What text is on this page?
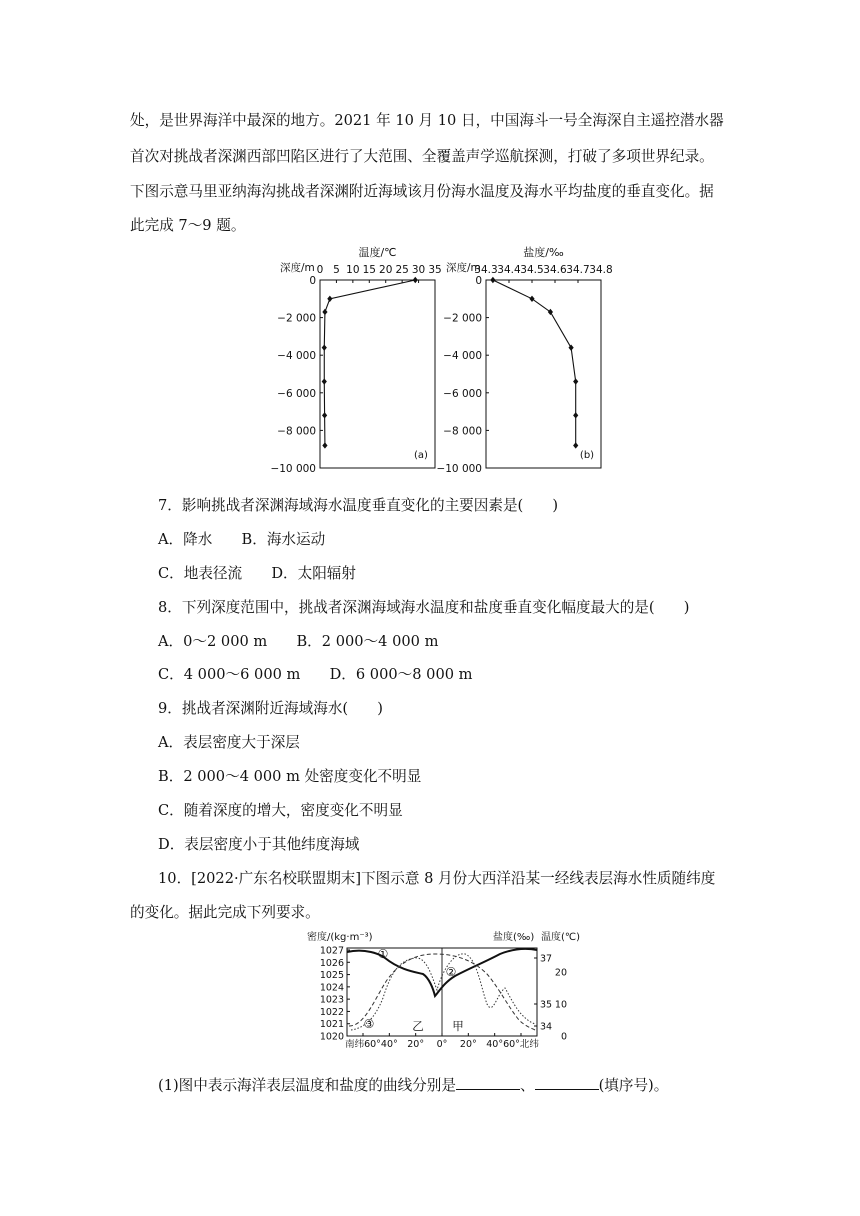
处，是世界海洋中最深的地方。2021 年 10 月 10 日，中国海斗一号全海深自主遥控潜水器
首次对挑战者深渊西部凹陷区进行了大范围、全覆盖声学巡航探测，打破了多项世界纪录。
下图示意马里亚纳海沟挑战者深渊附近海域该月份海水温度及海水平均盐度的垂直变化。据
此完成 7～9 题。
温度/℃
深度/m 0 5 10 15 20 25 30 35
0
−2 000
−4 000
−6 000
−8 000
−10 000
(a)
盐度/‰
深度/m
34.3 34.4 34.5 34.6 34.7 34.8
0
−2 000
−4 000
−6 000
−8 000
−10 000
(b)
7．影响挑战者深渊海域海水温度垂直变化的主要因素是(　　)
A．降水　　B．海水运动
C．地表径流　　D．太阳辐射
8．下列深度范围中，挑战者深渊海域海水温度和盐度垂直变化幅度最大的是(　　)
A．0～2 000 m　　B．2 000～4 000 m
C．4 000～6 000 m　　D．6 000～8 000 m
9．挑战者深渊附近海域海水(　　)
A．表层密度大于深层
B．2 000～4 000 m 处密度变化不明显
C．随着深度的增大，密度变化不明显
D．表层密度小于其他纬度海域
10．[2022·广东名校联盟期末]下图示意 8 月份大西洋沿某一经线表层海水性质随纬度
的变化。据此完成下列要求。
密度/(kg·m⁻³)	盐度(‰) 温度(℃)
1027
1026
1025
1024
1023
1022
1021
1020
37
35
34
20
10
0
南纬60° 40° 20° 0° 20° 40° 60°北纬
①
②
③	乙 甲
(1)图中表示海洋表层温度和盐度的曲线分别是	、	(填序号)。
